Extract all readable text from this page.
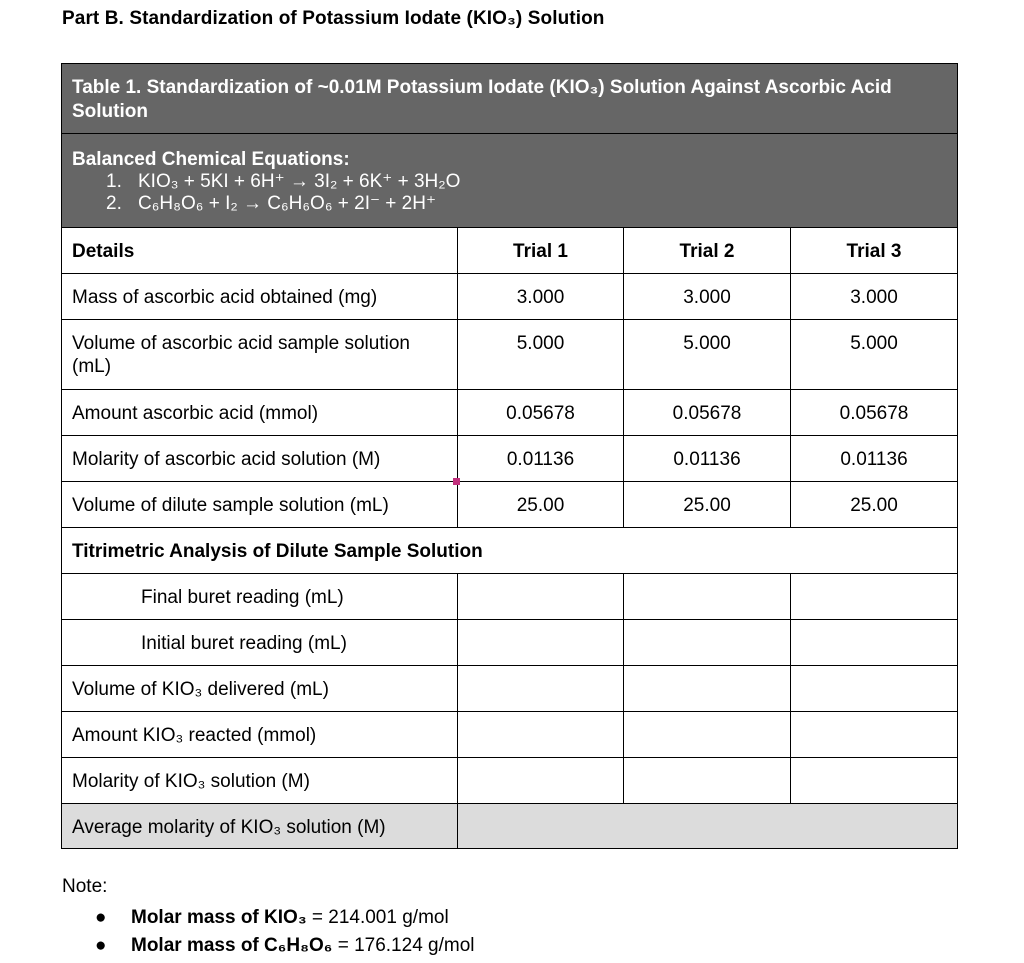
Part B. Standardization of Potassium Iodate (KIO₃) Solution
Table 1. Standardization of ~0.01M Potassium Iodate (KIO₃) Solution Against Ascorbic Acid Solution			

Balanced Chemical Equations:
1. KIO₃ + 5KI + 6H⁺ → 3I₂ + 6K⁺ + 3H₂O
2. C₆H₈O₆ + I₂ → C₆H₆O₆ + 2I⁻ + 2H⁺			

Details	Trial 1	Trial 2	Trial 3
Mass of ascorbic acid obtained (mg)	3.000	3.000	3.000
Volume of ascorbic acid sample solution (mL)	5.000	5.000	5.000
Amount ascorbic acid (mmol)	0.05678	0.05678	0.05678
Molarity of ascorbic acid solution (M)	0.01136	0.01136	0.01136
Volume of dilute sample solution (mL)	25.00	25.00	25.00
Titrimetric Analysis of Dilute Sample Solution			
Final buret reading (mL)			
Initial buret reading (mL)			
Volume of KIO₃ delivered (mL)			
Amount KIO₃ reacted (mmol)			
Molarity of KIO₃ solution (M)			
Average molarity of KIO₃ solution (M)			
Note:
● Molar mass of KIO₃ = 214.001 g/mol
● Molar mass of C₆H₈O₆ = 176.124 g/mol
